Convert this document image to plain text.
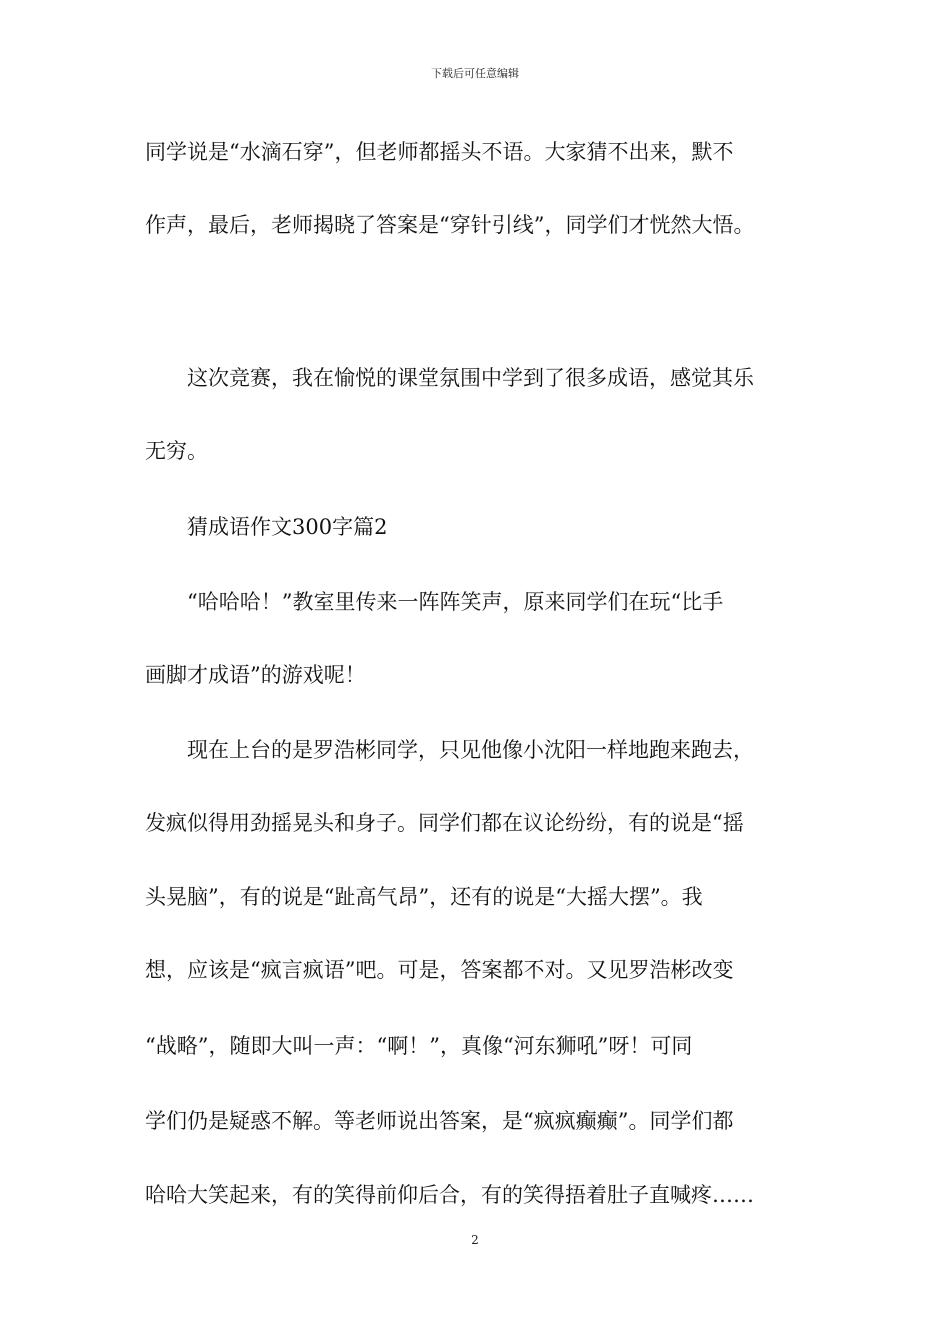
下载后可任意编辑
同学说是“水滴石穿”，但老师都摇头不语。大家猜不出来，默不
作声，最后，老师揭晓了答案是“穿针引线”，同学们才恍然大悟。
　　这次竞赛，我在愉悦的课堂氛围中学到了很多成语，感觉其乐
无穷。
　　猜成语作文300字篇2
　　“哈哈哈！”教室里传来一阵阵笑声，原来同学们在玩“比手
画脚才成语”的游戏呢！
　　现在上台的是罗浩彬同学，只见他像小沈阳一样地跑来跑去，
发疯似得用劲摇晃头和身子。同学们都在议论纷纷，有的说是“摇
头晃脑”，有的说是“趾高气昂”，还有的说是“大摇大摆”。我
想，应该是“疯言疯语”吧。可是，答案都不对。又见罗浩彬改变
“战略”，随即大叫一声：“啊！”，真像“河东狮吼”呀！可同
学们仍是疑惑不解。等老师说出答案，是“疯疯癫癫”。同学们都
哈哈大笑起来，有的笑得前仰后合，有的笑得捂着肚子直喊疼……
2
